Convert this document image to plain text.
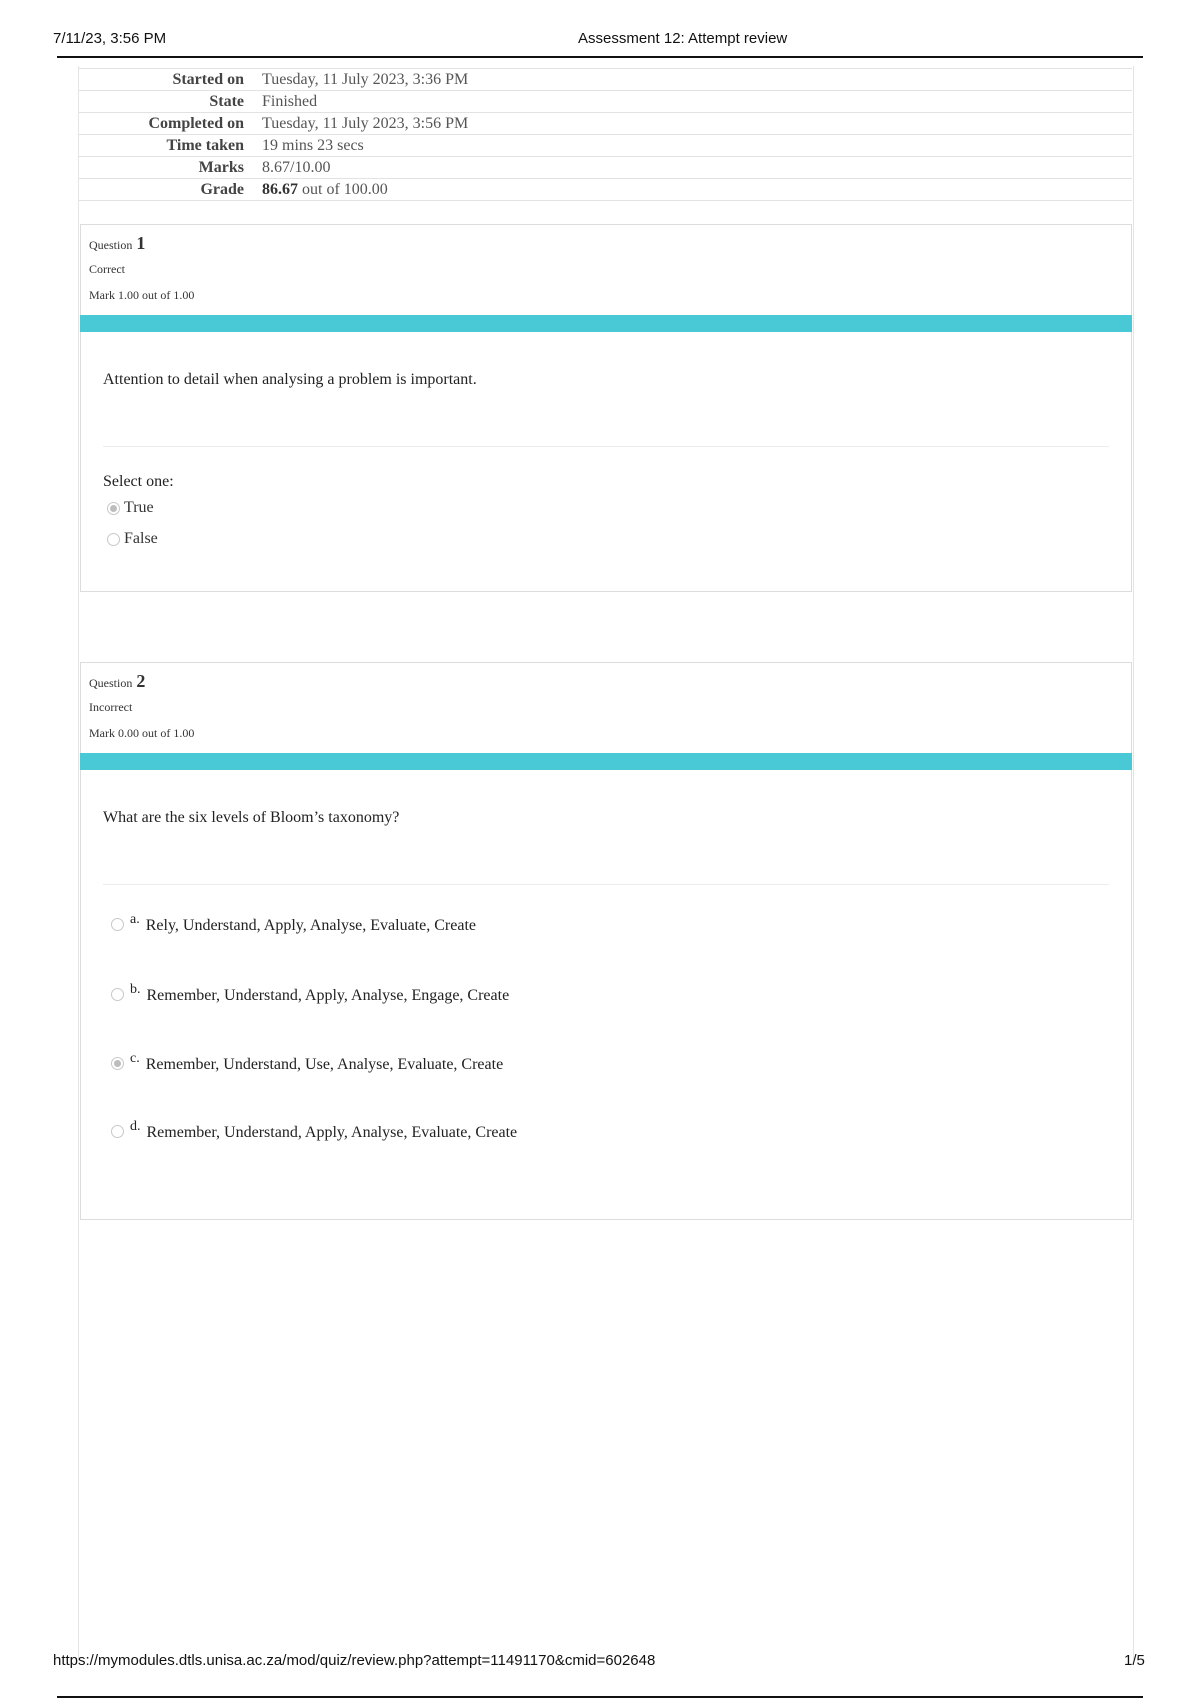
7/11/23, 3:56 PM	Assessment 12: Attempt review
Started on	Tuesday, 11 July 2023, 3:36 PM
State	Finished
Completed on	Tuesday, 11 July 2023, 3:56 PM
Time taken	19 mins 23 secs
Marks	8.67/10.00
Grade	86.67 out of 100.00
Question 1
Correct
Mark 1.00 out of 1.00
Attention to detail when analysing a problem is important.
Select one:
True
False
Question 2
Incorrect
Mark 0.00 out of 1.00
What are the six levels of Bloom’s taxonomy?
a. Rely, Understand, Apply, Analyse, Evaluate, Create
b. Remember, Understand, Apply, Analyse, Engage, Create
c. Remember, Understand, Use, Analyse, Evaluate, Create
d. Remember, Understand, Apply, Analyse, Evaluate, Create
https://mymodules.dtls.unisa.ac.za/mod/quiz/review.php?attempt=11491170&cmid=602648	1/5
